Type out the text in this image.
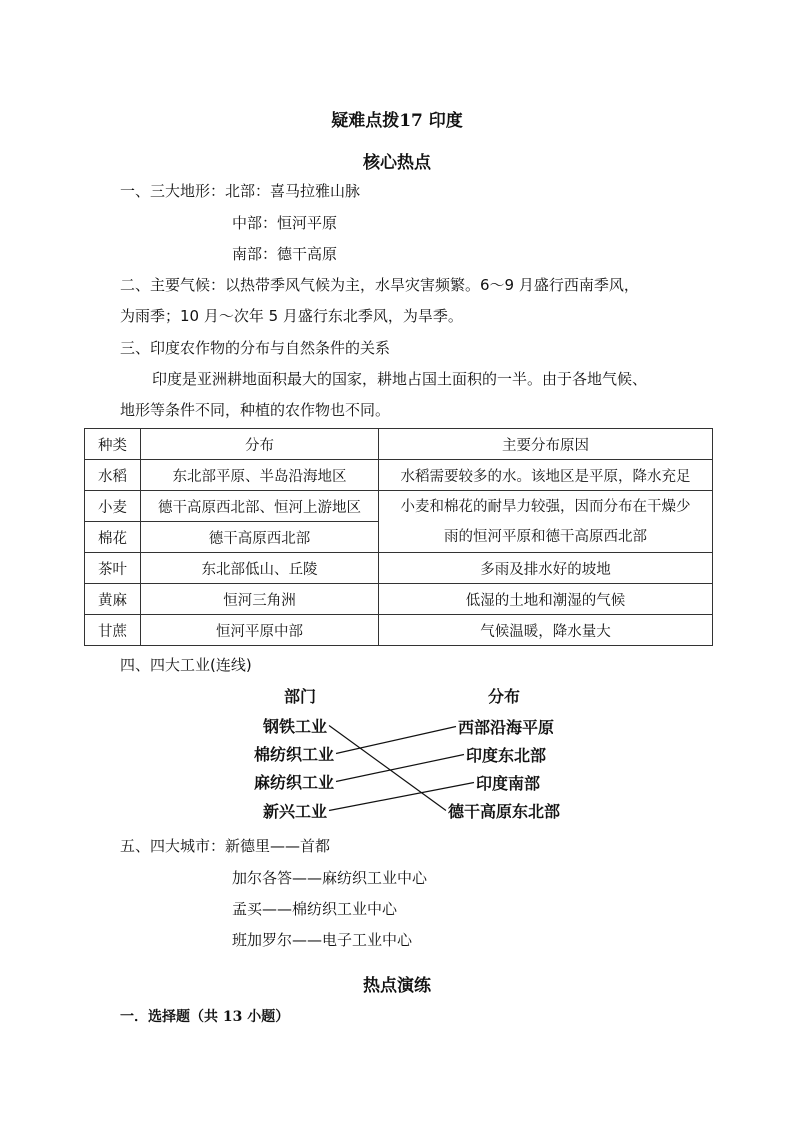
疑难点拨17 印度
核心热点
一、三大地形：北部：喜马拉雅山脉
中部：恒河平原
南部：德干高原
二、主要气候：以热带季风气候为主，水旱灾害频繁。6～9 月盛行西南季风，
为雨季；10 月～次年 5 月盛行东北季风，为旱季。
三、印度农作物的分布与自然条件的关系
印度是亚洲耕地面积最大的国家，耕地占国土面积的一半。由于各地气候、
地形等条件不同，种植的农作物也不同。
种类	分布	主要分布原因
水稻	东北部平原、半岛沿海地区	水稻需要较多的水。该地区是平原，降水充足
小麦	德干高原西北部、恒河上游地区	小麦和棉花的耐旱力较强，因而分布在干燥少
雨的恒河平原和德干高原西北部

棉花	德干高原西北部	
茶叶	东北部低山、丘陵	多雨及排水好的坡地
黄麻	恒河三角洲	低湿的土地和潮湿的气候
甘蔗	恒河平原中部	气候温暖，降水量大
四、四大工业(连线)
部门	分布
钢铁工业
棉纺织工业
麻纺织工业
新兴工业
西部沿海平原
印度东北部
印度南部
德干高原东北部
五、四大城市：新德里——首都
加尔各答——麻纺织工业中心
孟买——棉纺织工业中心
班加罗尔——电子工业中心
热点演练
一．选择题（共 13 小题）
